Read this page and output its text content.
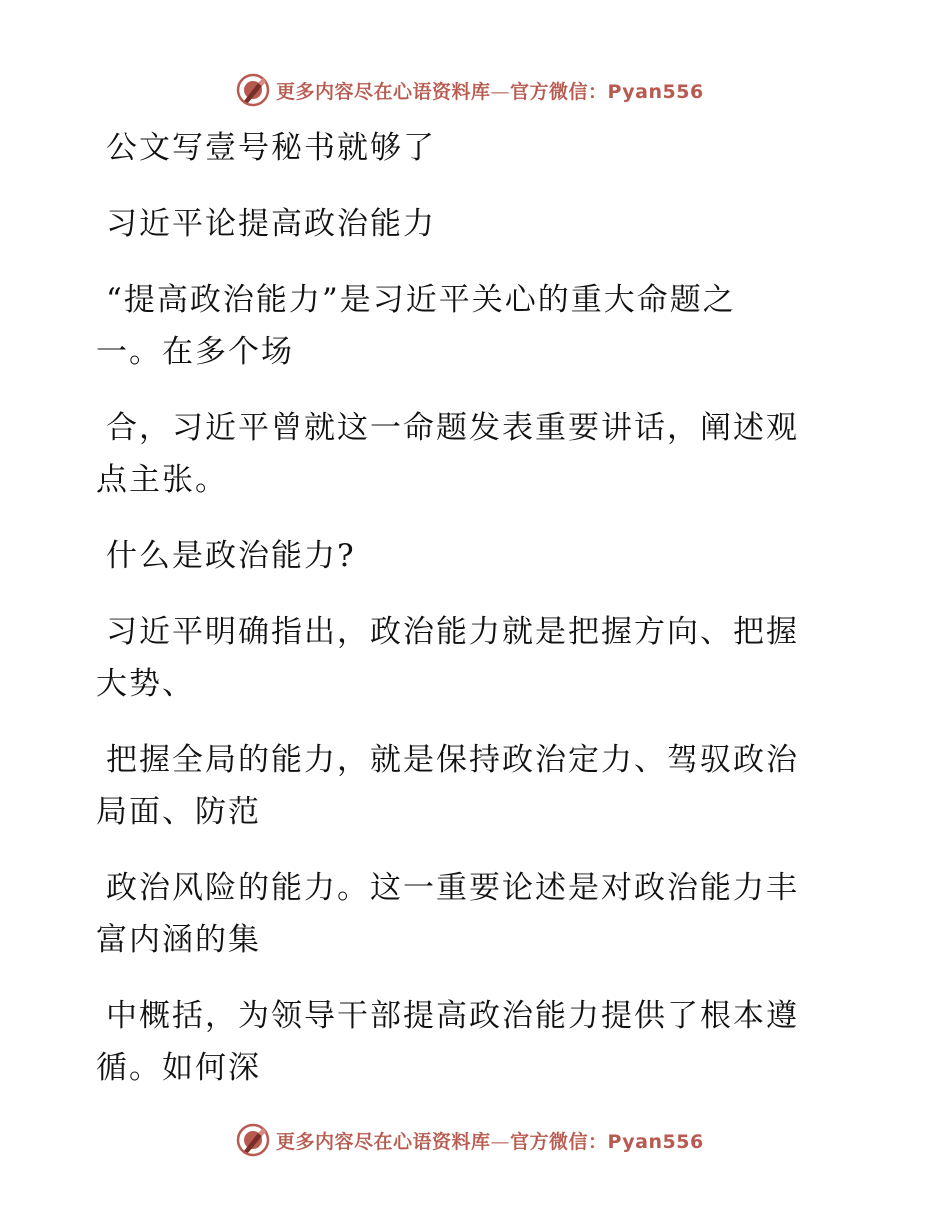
更多内容尽在心语资料库—官方微信：Pyan556
公文写壹号秘书就够了
习近平论提高政治能力
“提高政治能力”是习近平关心的重大命题之
一。在多个场
合，习近平曾就这一命题发表重要讲话，阐述观
点主张。
什么是政治能力?
习近平明确指出，政治能力就是把握方向、把握
大势、
把握全局的能力，就是保持政治定力、驾驭政治
局面、防范
政治风险的能力。这一重要论述是对政治能力丰
富内涵的集
中概括，为领导干部提高政治能力提供了根本遵
循。如何深
更多内容尽在心语资料库—官方微信：Pyan556
